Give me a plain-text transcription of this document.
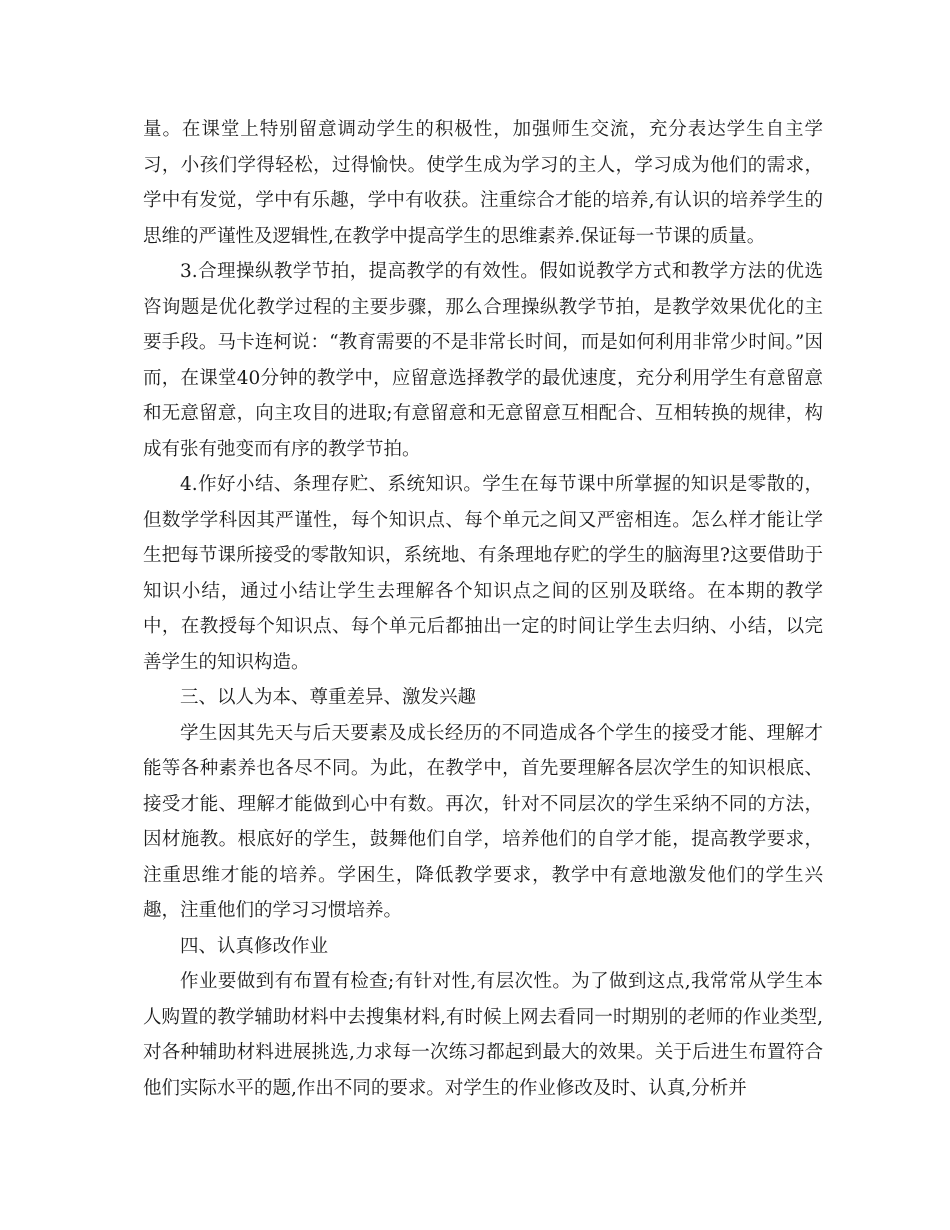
量。在课堂上特别留意调动学生的积极性，加强师生交流，充分表达学生自主学习，小孩们学得轻松，过得愉快。使学生成为学习的主人，学习成为他们的需求，学中有发觉，学中有乐趣，学中有收获。注重综合才能的培养,有认识的培养学生的思维的严谨性及逻辑性,在教学中提高学生的思维素养.保证每一节课的质量。

3.合理操纵教学节拍，提高教学的有效性。假如说教学方式和教学方法的优选咨询题是优化教学过程的主要步骤，那么合理操纵教学节拍，是教学效果优化的主要手段。马卡连柯说：“教育需要的不是非常长时间，而是如何利用非常少时间。”因而，在课堂40分钟的教学中，应留意选择教学的最优速度，充分利用学生有意留意和无意留意，向主攻目的进取;有意留意和无意留意互相配合、互相转换的规律，构成有张有弛变而有序的教学节拍。

4.作好小结、条理存贮、系统知识。学生在每节课中所掌握的知识是零散的，但数学学科因其严谨性，每个知识点、每个单元之间又严密相连。怎么样才能让学生把每节课所接受的零散知识，系统地、有条理地存贮的学生的脑海里?这要借助于知识小结，通过小结让学生去理解各个知识点之间的区别及联络。在本期的教学中，在教授每个知识点、每个单元后都抽出一定的时间让学生去归纳、小结，以完善学生的知识构造。

三、以人为本、尊重差异、激发兴趣

学生因其先天与后天要素及成长经历的不同造成各个学生的接受才能、理解才能等各种素养也各尽不同。为此，在教学中，首先要理解各层次学生的知识根底、接受才能、理解才能做到心中有数。再次，针对不同层次的学生采纳不同的方法，因材施教。根底好的学生，鼓舞他们自学，培养他们的自学才能，提高教学要求，注重思维才能的培养。学困生，降低教学要求，教学中有意地激发他们的学生兴趣，注重他们的学习习惯培养。

四、认真修改作业

作业要做到有布置有检查;有针对性,有层次性。为了做到这点,我常常从学生本人购置的教学辅助材料中去搜集材料,有时候上网去看同一时期别的老师的作业类型,对各种辅助材料进展挑选,力求每一次练习都起到最大的效果。关于后进生布置符合他们实际水平的题,作出不同的要求。对学生的作业修改及时、认真,分析并
